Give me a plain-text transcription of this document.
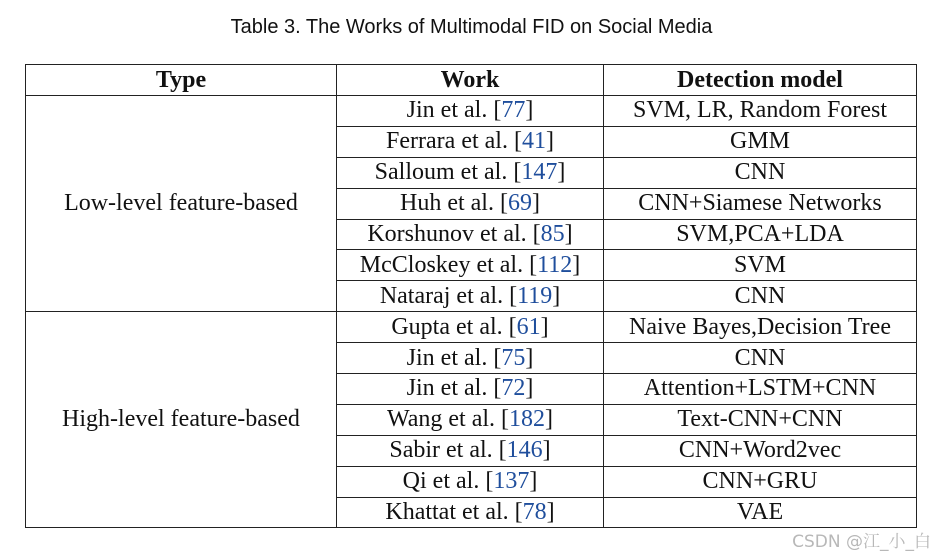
Table 3. The Works of Multimodal FID on Social Media
Type	Work	Detection model
Low-level feature-based	Jin et al. [77]	SVM, LR, Random Forest
	Ferrara et al. [41]	GMM
	Salloum et al. [147]	CNN
	Huh et al. [69]	CNN+Siamese Networks
	Korshunov et al. [85]	SVM,PCA+LDA
	McCloskey et al. [112]	SVM
	Nataraj et al. [119]	CNN
High-level feature-based	Gupta et al. [61]	Naive Bayes,Decision Tree
	Jin et al. [75]	CNN
	Jin et al. [72]	Attention+LSTM+CNN
	Wang et al. [182]	Text-CNN+CNN
	Sabir et al. [146]	CNN+Word2vec
	Qi et al. [137]	CNN+GRU
	Khattat et al. [78]	VAE
CSDN @江_小_白
